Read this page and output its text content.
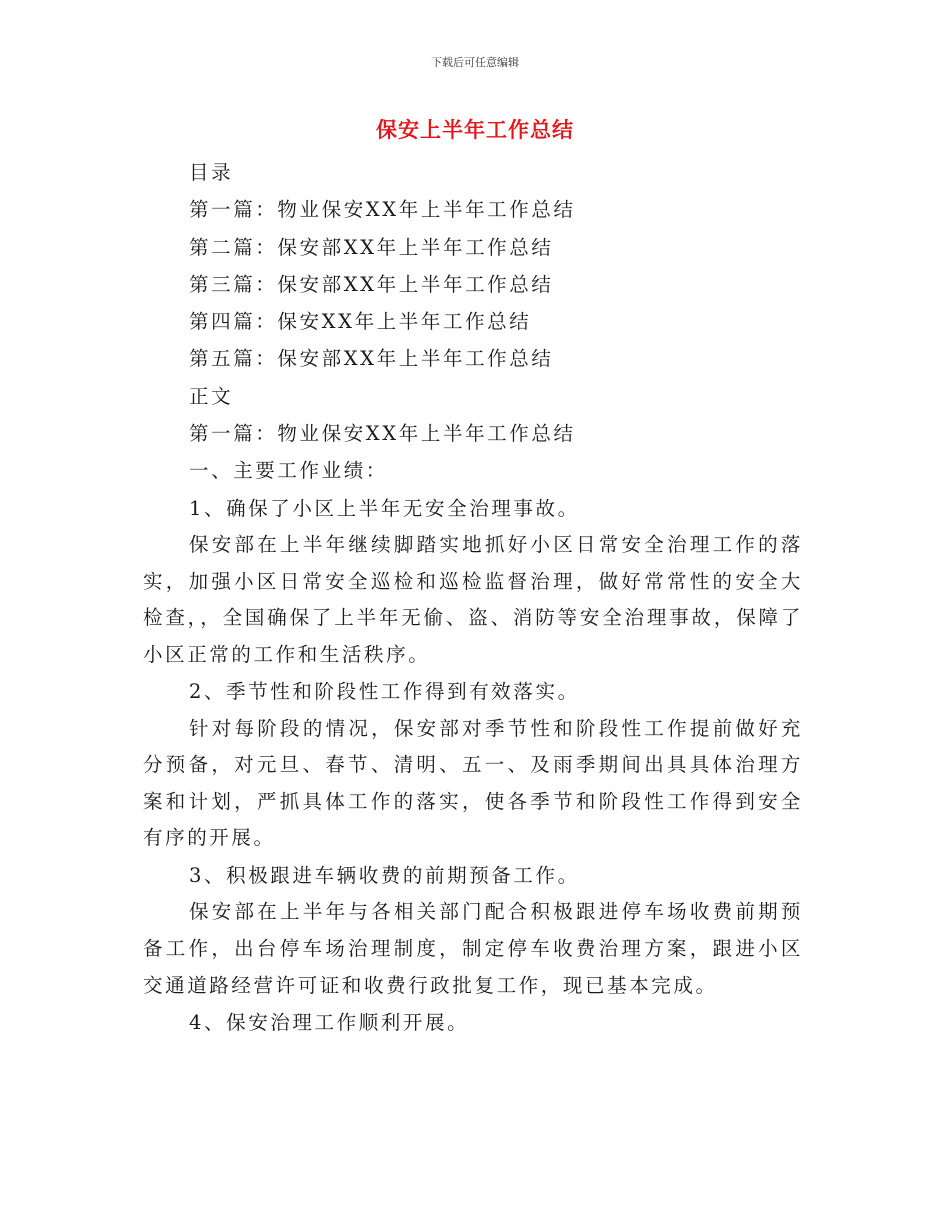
下载后可任意编辑
保安上半年工作总结
目录
第一篇：物业保安XX年上半年工作总结
第二篇：保安部XX年上半年工作总结
第三篇：保安部XX年上半年工作总结
第四篇：保安XX年上半年工作总结
第五篇：保安部XX年上半年工作总结
正文
第一篇：物业保安XX年上半年工作总结
一、主要工作业绩：
1、确保了小区上半年无安全治理事故。

保安部在上半年继续脚踏实地抓好小区日常安全治理工作的落实，加强小区日常安全巡检和巡检监督治理，做好常常性的安全大检查，，全国确保了上半年无偷、盗、消防等安全治理事故，保障了小区正常的工作和生活秩序。

2、季节性和阶段性工作得到有效落实。

针对每阶段的情况，保安部对季节性和阶段性工作提前做好充分预备，对元旦、春节、清明、五一、及雨季期间出具具体治理方案和计划，严抓具体工作的落实，使各季节和阶段性工作得到安全有序的开展。

3、积极跟进车辆收费的前期预备工作。

保安部在上半年与各相关部门配合积极跟进停车场收费前期预备工作，出台停车场治理制度，制定停车收费治理方案，跟进小区交通道路经营许可证和收费行政批复工作，现已基本完成。

4、保安治理工作顺利开展。
